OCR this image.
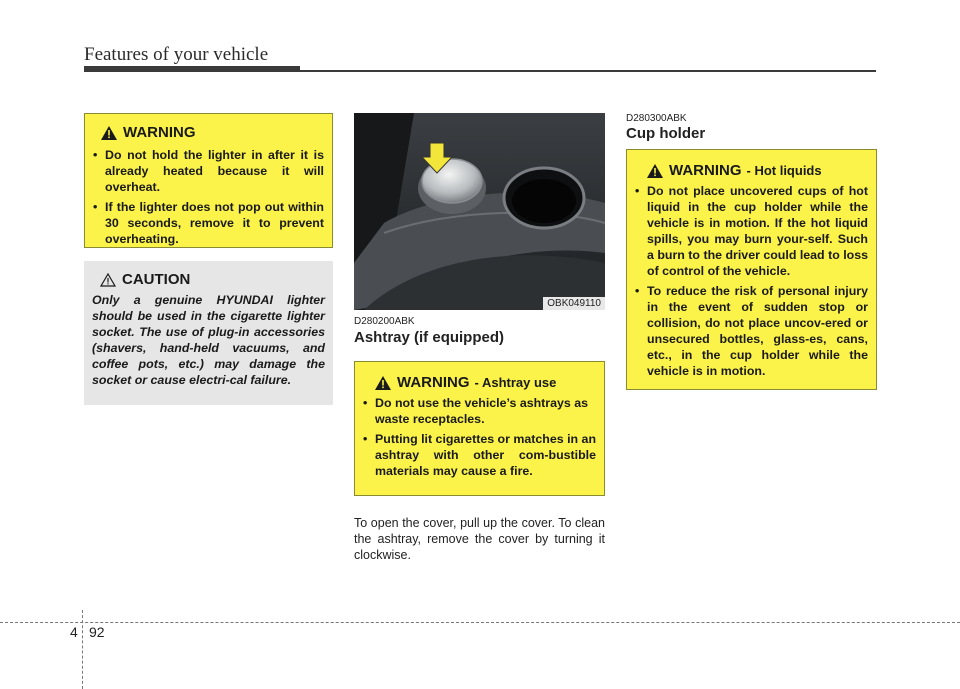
Features of your vehicle
WARNING
• Do not hold the lighter in after it is already heated because it will overheat.
• If the lighter does not pop out within 30 seconds, remove it to prevent overheating.
CAUTION
Only a genuine HYUNDAI lighter should be used in the cigarette lighter socket. The use of plug-in accessories (shavers, hand-held vacuums, and coffee pots, etc.) may damage the socket or cause electri-cal failure.
OBK049110
D280200ABK
Ashtray (if equipped)
WARNING - Ashtray use
• Do not use the vehicle’s ashtrays as waste receptacles.
• Putting lit cigarettes or matches in an ashtray with other com-bustible materials may cause a fire.
To open the cover, pull up the cover. To clean the ashtray, remove the cover by turning it clockwise.
D280300ABK
Cup holder
WARNING - Hot liquids
• Do not place uncovered cups of hot liquid in the cup holder while the vehicle is in motion. If the hot liquid spills, you may burn your-self. Such a burn to the driver could lead to loss of control of the vehicle.
• To reduce the risk of personal injury in the event of sudden stop or collision, do not place uncov-ered or unsecured bottles, glass-es, cans, etc., in the cup holder while the vehicle is in motion.
4 92
